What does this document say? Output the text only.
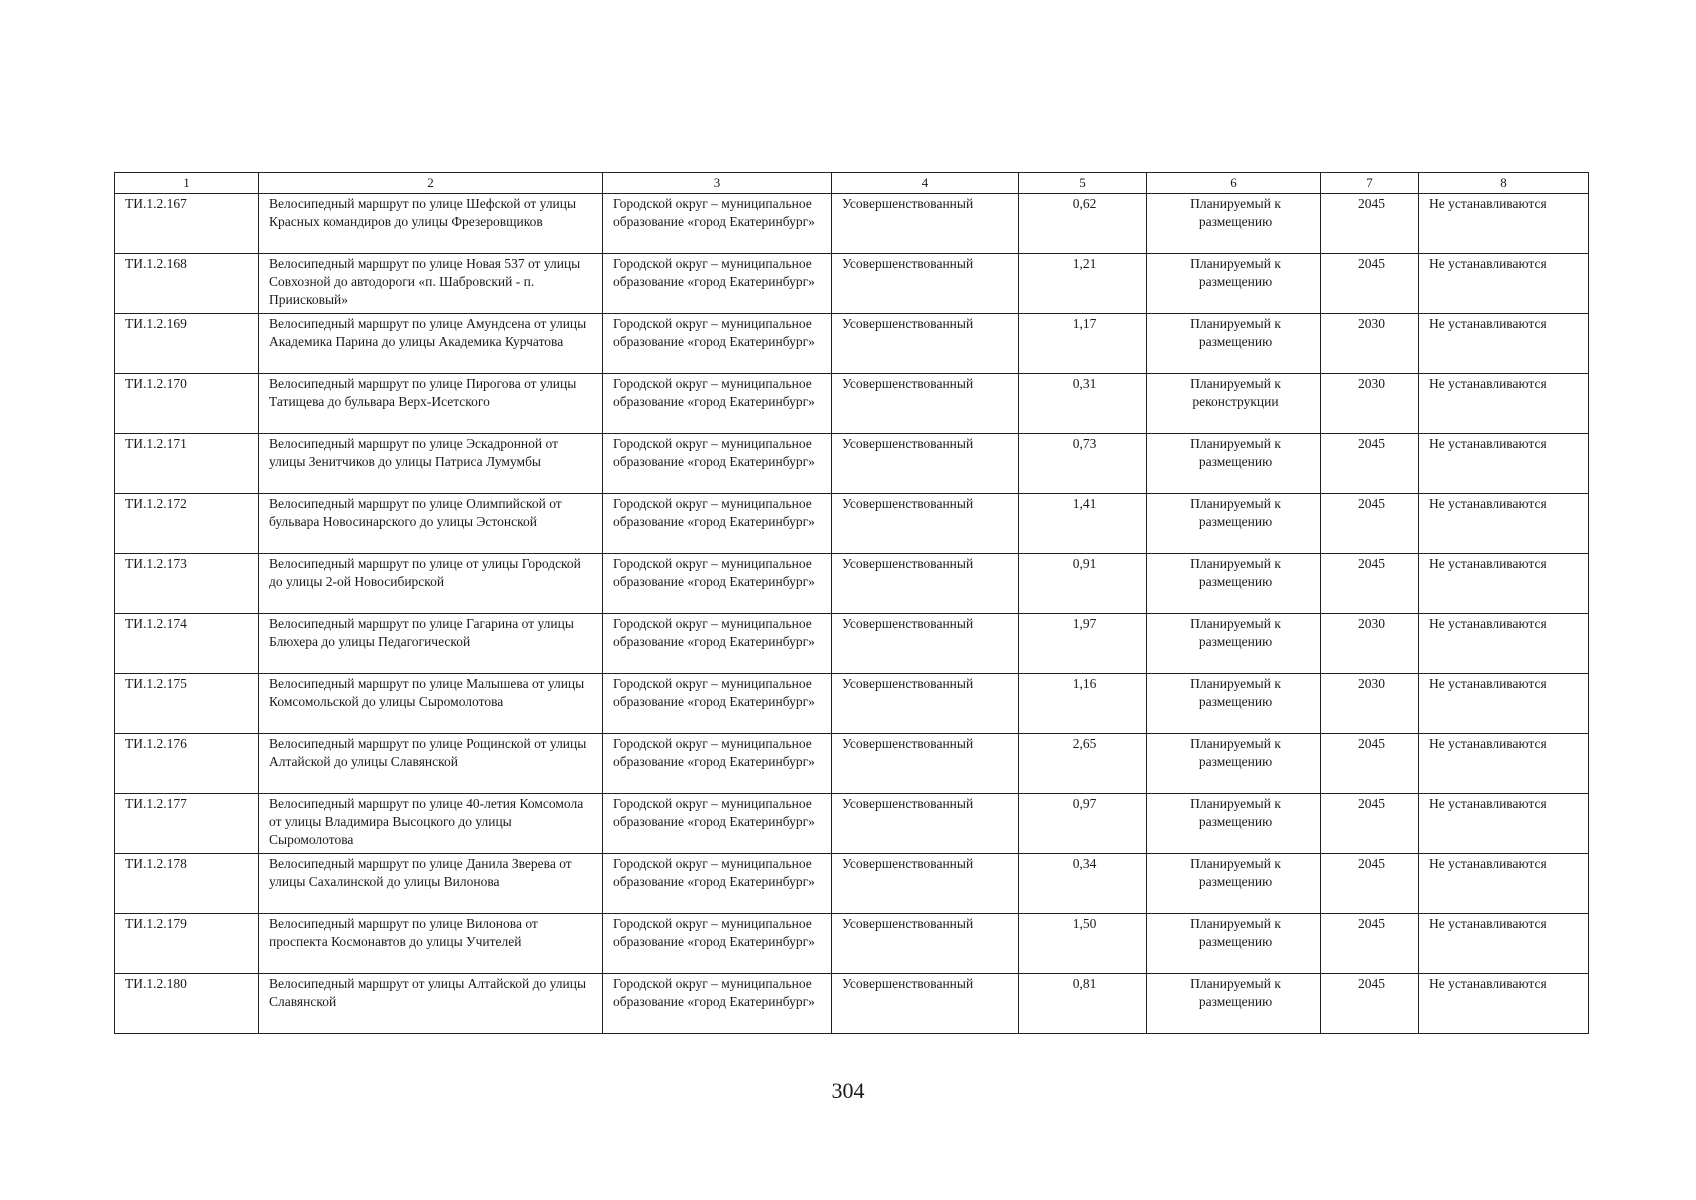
1	2	3	4	5	6	7	8
ТИ.1.2.167	Велосипедный маршрут по улице Шефской от улицы Красных командиров до улицы Фрезеровщиков	Городской округ – муниципальное образование «город Екатеринбург»	Усовершенствованный	0,62	Планируемый к размещению	2045	Не устанавливаются
ТИ.1.2.168	Велосипедный маршрут по улице Новая 537 от улицы Совхозной до автодороги «п. Шабровский - п. Приисковый»	Городской округ – муниципальное образование «город Екатеринбург»	Усовершенствованный	1,21	Планируемый к размещению	2045	Не устанавливаются
ТИ.1.2.169	Велосипедный маршрут по улице Амундсена от улицы Академика Парина до улицы Академика Курчатова	Городской округ – муниципальное образование «город Екатеринбург»	Усовершенствованный	1,17	Планируемый к размещению	2030	Не устанавливаются
ТИ.1.2.170	Велосипедный маршрут по улице Пирогова от улицы Татищева до бульвара Верх-Исетского	Городской округ – муниципальное образование «город Екатеринбург»	Усовершенствованный	0,31	Планируемый к реконструкции	2030	Не устанавливаются
ТИ.1.2.171	Велосипедный маршрут по улице Эскадронной от улицы Зенитчиков до улицы Патриса Лумумбы	Городской округ – муниципальное образование «город Екатеринбург»	Усовершенствованный	0,73	Планируемый к размещению	2045	Не устанавливаются
ТИ.1.2.172	Велосипедный маршрут по улице Олимпийской от бульвара Новосинарского до улицы Эстонской	Городской округ – муниципальное образование «город Екатеринбург»	Усовершенствованный	1,41	Планируемый к размещению	2045	Не устанавливаются
ТИ.1.2.173	Велосипедный маршрут по улице от улицы Городской до улицы 2-ой Новосибирской	Городской округ – муниципальное образование «город Екатеринбург»	Усовершенствованный	0,91	Планируемый к размещению	2045	Не устанавливаются
ТИ.1.2.174	Велосипедный маршрут по улице Гагарина от улицы Блюхера до улицы Педагогической	Городской округ – муниципальное образование «город Екатеринбург»	Усовершенствованный	1,97	Планируемый к размещению	2030	Не устанавливаются
ТИ.1.2.175	Велосипедный маршрут по улице Малышева от улицы Комсомольской до улицы Сыромолотова	Городской округ – муниципальное образование «город Екатеринбург»	Усовершенствованный	1,16	Планируемый к размещению	2030	Не устанавливаются
ТИ.1.2.176	Велосипедный маршрут по улице Рощинской от улицы Алтайской до улицы Славянской	Городской округ – муниципальное образование «город Екатеринбург»	Усовершенствованный	2,65	Планируемый к размещению	2045	Не устанавливаются
ТИ.1.2.177	Велосипедный маршрут по улице 40-летия Комсомола от улицы Владимира Высоцкого до улицы Сыромолотова	Городской округ – муниципальное образование «город Екатеринбург»	Усовершенствованный	0,97	Планируемый к размещению	2045	Не устанавливаются
ТИ.1.2.178	Велосипедный маршрут по улице Данила Зверева от улицы Сахалинской до улицы Вилонова	Городской округ – муниципальное образование «город Екатеринбург»	Усовершенствованный	0,34	Планируемый к размещению	2045	Не устанавливаются
ТИ.1.2.179	Велосипедный маршрут по улице Вилонова от проспекта Космонавтов до улицы Учителей	Городской округ – муниципальное образование «город Екатеринбург»	Усовершенствованный	1,50	Планируемый к размещению	2045	Не устанавливаются
ТИ.1.2.180	Велосипедный маршрут от улицы Алтайской до улицы Славянской	Городской округ – муниципальное образование «город Екатеринбург»	Усовершенствованный	0,81	Планируемый к размещению	2045	Не устанавливаются
304
